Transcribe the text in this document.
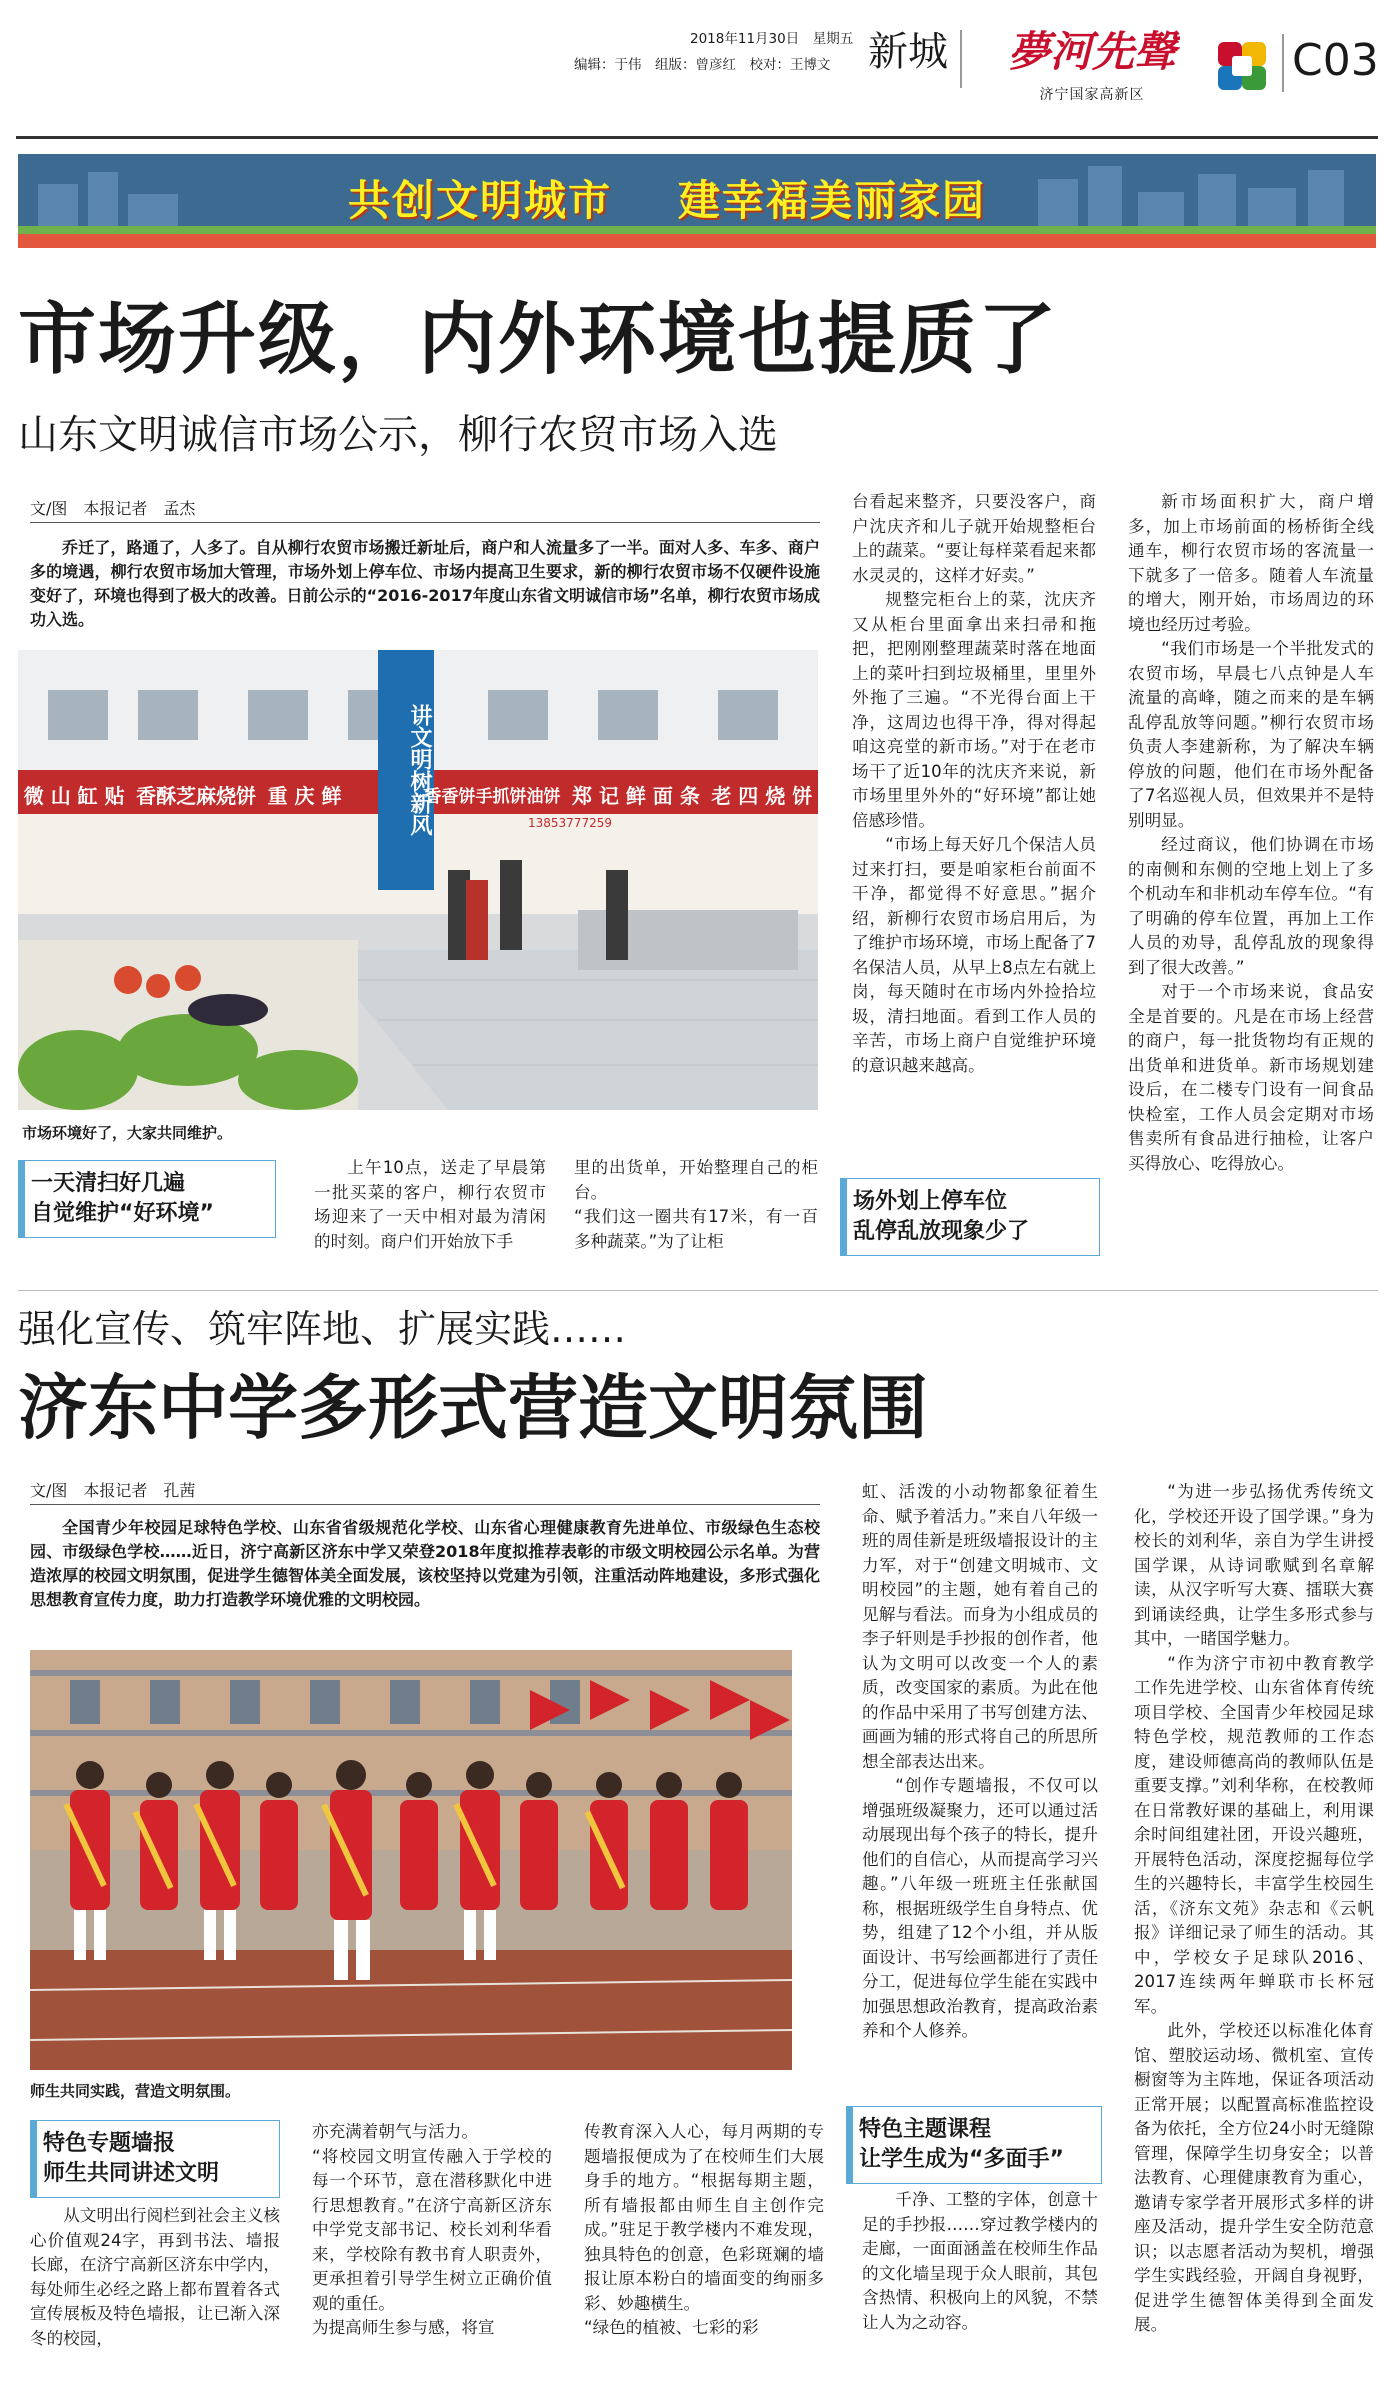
2018年11月30日　 星期五
编辑：于伟　组版：曾彦红　校对：王博文 新城 夢河先聲
济宁国家高新区
C03
共创文明城市 建幸福美丽家园
市场升级，内外环境也提质了
山东文明诚信市场公示，柳行农贸市场入选
文/图　本报记者　孟杰
乔迁了，路通了，人多了。自从柳行农贸市场搬迁新址后，商户和人流量多了一半。面对人多、车多、商户多的境遇，柳行农贸市场加大管理，市场外划上停车位、市场内提高卫生要求，新的柳行农贸市场不仅硬件设施变好了，环境也得到了极大的改善。日前公示的“2016-2017年度山东省文明诚信市场”名单，柳行农贸市场成功入选。
微 山 缸 贴 香酥芝麻烧饼 重 庆 鲜	香香饼手抓饼油饼 郑 记 鲜 面 条 老 四 烧 饼
13853777259
讲文明树新风
市场环境好了，大家共同维护。
一天清扫好几遍
自觉维护“好环境”
上午10点，送走了早晨第一批买菜的客户，柳行农贸市场迎来了一天中相对最为清闲的时刻。商户们开始放下手
里的出货单，开始整理自己的柜台。
“我们这一圈共有17米，有一百多种蔬菜。”为了让柜

台看起来整齐，只要没客户，商户沈庆齐和儿子就开始规整柜台上的蔬菜。“要让每样菜看起来都水灵灵的，这样才好卖。”

规整完柜台上的菜，沈庆齐又从柜台里面拿出来扫帚和拖把，把刚刚整理蔬菜时落在地面上的菜叶扫到垃圾桶里，里里外外拖了三遍。“不光得台面上干净，这周边也得干净，得对得起咱这亮堂的新市场。”对于在老市场干了近10年的沈庆齐来说，新市场里里外外的“好环境”都让她倍感珍惜。

“市场上每天好几个保洁人员过来打扫，要是咱家柜台前面不干净，都觉得不好意思。”据介绍，新柳行农贸市场启用后，为了维护市场环境，市场上配备了7名保洁人员，从早上8点左右就上岗，每天随时在市场内外捡拾垃圾，清扫地面。看到工作人员的辛苦，市场上商户自觉维护环境的意识越来越高。

场外划上停车位
乱停乱放现象少了

新市场面积扩大，商户增多，加上市场前面的杨桥街全线通车，柳行农贸市场的客流量一下就多了一倍多。随着人车流量的增大，刚开始，市场周边的环境也经历过考验。

“我们市场是一个半批发式的农贸市场，早晨七八点钟是人车流量的高峰，随之而来的是车辆乱停乱放等问题。”柳行农贸市场负责人李建新称，为了解决车辆停放的问题，他们在市场外配备了7名巡视人员，但效果并不是特别明显。

经过商议，他们协调在市场的南侧和东侧的空地上划上了多个机动车和非机动车停车位。“有了明确的停车位置，再加上工作人员的劝导，乱停乱放的现象得到了很大改善。”

对于一个市场来说，食品安全是首要的。凡是在市场上经营的商户，每一批货物均有正规的出货单和进货单。新市场规划建设后，在二楼专门设有一间食品快检室，工作人员会定期对市场售卖所有食品进行抽检，让客户买得放心、吃得放心。

强化宣传、筑牢阵地、扩展实践……
济东中学多形式营造文明氛围
文/图　本报记者　孔茜
全国青少年校园足球特色学校、山东省省级规范化学校、山东省心理健康教育先进单位、市级绿色生态校园、市级绿色学校……近日，济宁高新区济东中学又荣登2018年度拟推荐表彰的市级文明校园公示名单。为营造浓厚的校园文明氛围，促进学生德智体美全面发展，该校坚持以党建为引领，注重活动阵地建设，多形式强化思想教育宣传力度，助力打造教学环境优雅的文明校园。
师生共同实践，营造文明氛围。
特色专题墙报
师生共同讲述文明
从文明出行阅栏到社会主义核心价值观24字，再到书法、墙报长廊，在济宁高新区济东中学内，每处师生必经之路上都布置着各式宣传展板及特色墙报，让已渐入深冬的校园，
亦充满着朝气与活力。
“将校园文明宣传融入于学校的每一个环节，意在潜移默化中进行思想教育。”在济宁高新区济东中学党支部书记、校长刘利华看来，学校除有教书育人职责外，更承担着引导学生树立正确价值观的重任。
为提高师生参与感，将宣
传教育深入人心，每月两期的专题墙报便成为了在校师生们大展身手的地方。“根据每期主题，所有墙报都由师生自主创作完成。”驻足于教学楼内不难发现，独具特色的创意，色彩斑斓的墙报让原本粉白的墙面变的绚丽多彩、妙趣横生。
“绿色的植被、七彩的彩

虹、活泼的小动物都象征着生命、赋予着活力。”来自八年级一班的周佳新是班级墙报设计的主力军，对于“创建文明城市、文明校园”的主题，她有着自己的见解与看法。而身为小组成员的李子轩则是手抄报的创作者，他认为文明可以改变一个人的素质，改变国家的素质。为此在他的作品中采用了书写创建方法、画画为辅的形式将自己的所思所想全部表达出来。

“创作专题墙报，不仅可以增强班级凝聚力，还可以通过活动展现出每个孩子的特长，提升他们的自信心，从而提高学习兴趣。”八年级一班班主任张献国称，根据班级学生自身特点、优势，组建了12个小组，并从版面设计、书写绘画都进行了责任分工，促进每位学生能在实践中加强思想政治教育，提高政治素养和个人修养。

特色主题课程
让学生成为“多面手”
千净、工整的字体，创意十足的手抄报……穿过教学楼内的走廊，一面面涵盖在校师生作品的文化墙呈现于众人眼前，其包含热情、积极向上的风貌，不禁让人为之动容。

“为进一步弘扬优秀传统文化，学校还开设了国学课。”身为校长的刘利华，亲自为学生讲授国学课，从诗词歌赋到名章解读，从汉字听写大赛、擂联大赛到诵读经典，让学生多形式参与其中，一睹国学魅力。

“作为济宁市初中教育教学工作先进学校、山东省体育传统项目学校、全国青少年校园足球特色学校，规范教师的工作态度，建设师德高尚的教师队伍是重要支撑。”刘利华称，在校教师在日常教好课的基础上，利用课余时间组建社团，开设兴趣班，开展特色活动，深度挖掘每位学生的兴趣特长，丰富学生校园生活，《济东文苑》杂志和《云帆报》详细记录了师生的活动。其中，学校女子足球队2016、2017连续两年蝉联市长杯冠军。

此外，学校还以标准化体育馆、塑胶运动场、微机室、宣传橱窗等为主阵地，保证各项活动正常开展；以配置高标准监控设备为依托，全方位24小时无缝隙管理，保障学生切身安全；以普法教育、心理健康教育为重心，邀请专家学者开展形式多样的讲座及活动，提升学生安全防范意识；以志愿者活动为契机，增强学生实践经验，开阔自身视野，促进学生德智体美得到全面发展。
